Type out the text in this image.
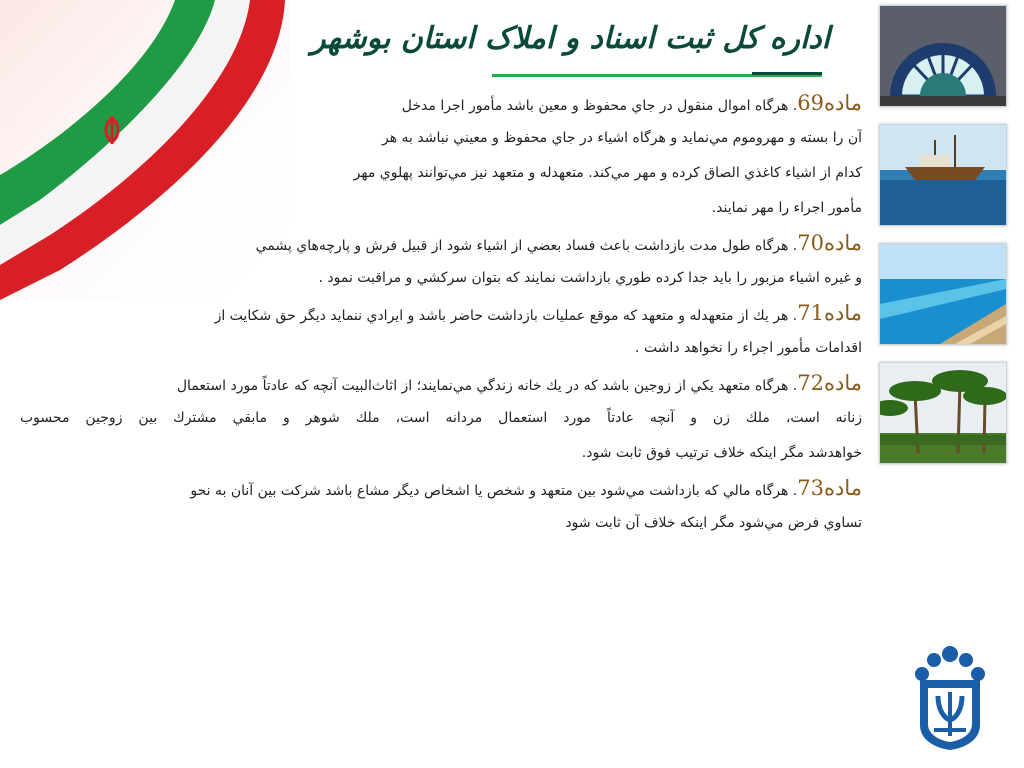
اداره کل ثبت اسناد و املاک استان بوشهر
ماده69. هرگاه اموال منقول در جاي محفوظ و معين باشد مأمور اجرا مدخل
آن را بسته و مهروموم مي‌نمايد و هرگاه اشياء در جاي محفوظ و معيني نباشد به هر
كدام از اشياء كاغذي الصاق كرده و مهر مي‌كند. متعهدله و متعهد نيز مي‌توانند پهلوي مهر
مأمور اجراء را مهر نمايند.
ماده70. هرگاه طول مدت بازداشت باعث فساد بعضي از اشياء شود از قبيل فرش و پارچه‌هاي پشمي
و غيره اشياء مزبور را بايد جدا كرده طوري بازداشت نمايند كه بتوان سركشي و مراقبت نمود .
ماده71. هر يك از متعهدله و متعهد كه موقع عمليات بازداشت حاضر باشد و ايرادي ننمايد ديگر حق شكايت از
اقدامات مأمور اجراء را نخواهد داشت .
ماده72. هرگاه متعهد يكي از زوجين باشد كه در يك خانه زندگي مي‌نمايند؛ از اثاث‌البيت آنچه كه عادتاً مورد استعمال
زنانه است، ملك زن و آنچه عادتاً مورد استعمال مردانه است، ملك شوهر و مابقي مشترك بين زوجين محسوب
خواهدشد مگر اينكه خلاف ترتيب فوق ثابت شود.
ماده73. هرگاه مالي كه بازداشت مي‌شود بين متعهد و شخص يا اشخاص ديگر مشاع باشد شركت بين آنان به نحو
تساوي فرض مي‌شود مگر اينكه خلاف آن ثابت شود
